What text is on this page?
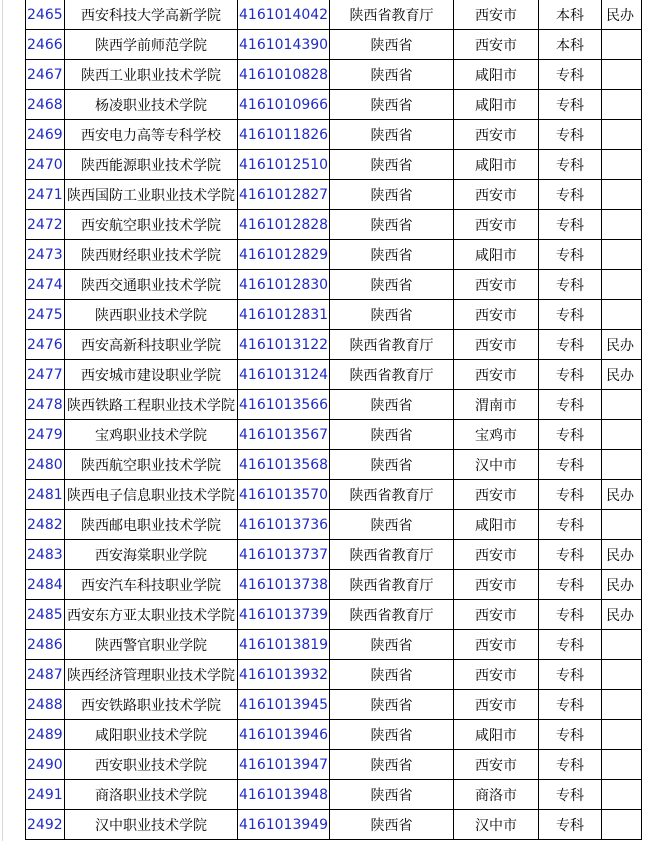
2465	西安科技大学高新学院	4161014042	陕西省教育厅	西安市	本科	民办
2466	陕西学前师范学院	4161014390	陕西省	西安市	本科	
2467	陕西工业职业技术学院	4161010828	陕西省	咸阳市	专科	
2468	杨凌职业技术学院	4161010966	陕西省	咸阳市	专科	
2469	西安电力高等专科学校	4161011826	陕西省	西安市	专科	
2470	陕西能源职业技术学院	4161012510	陕西省	咸阳市	专科	
2471	陕西国防工业职业技术学院	4161012827	陕西省	西安市	专科	
2472	西安航空职业技术学院	4161012828	陕西省	西安市	专科	
2473	陕西财经职业技术学院	4161012829	陕西省	咸阳市	专科	
2474	陕西交通职业技术学院	4161012830	陕西省	西安市	专科	
2475	陕西职业技术学院	4161012831	陕西省	西安市	专科	
2476	西安高新科技职业学院	4161013122	陕西省教育厅	西安市	专科	民办
2477	西安城市建设职业学院	4161013124	陕西省教育厅	西安市	专科	民办
2478	陕西铁路工程职业技术学院	4161013566	陕西省	渭南市	专科	
2479	宝鸡职业技术学院	4161013567	陕西省	宝鸡市	专科	
2480	陕西航空职业技术学院	4161013568	陕西省	汉中市	专科	
2481	陕西电子信息职业技术学院	4161013570	陕西省教育厅	西安市	专科	民办
2482	陕西邮电职业技术学院	4161013736	陕西省	咸阳市	专科	
2483	西安海棠职业学院	4161013737	陕西省教育厅	西安市	专科	民办
2484	西安汽车科技职业学院	4161013738	陕西省教育厅	西安市	专科	民办
2485	西安东方亚太职业技术学院	4161013739	陕西省教育厅	西安市	专科	民办
2486	陕西警官职业学院	4161013819	陕西省	西安市	专科	
2487	陕西经济管理职业技术学院	4161013932	陕西省	西安市	专科	
2488	西安铁路职业技术学院	4161013945	陕西省	西安市	专科	
2489	咸阳职业技术学院	4161013946	陕西省	咸阳市	专科	
2490	西安职业技术学院	4161013947	陕西省	西安市	专科	
2491	商洛职业技术学院	4161013948	陕西省	商洛市	专科	
2492	汉中职业技术学院	4161013949	陕西省	汉中市	专科	
